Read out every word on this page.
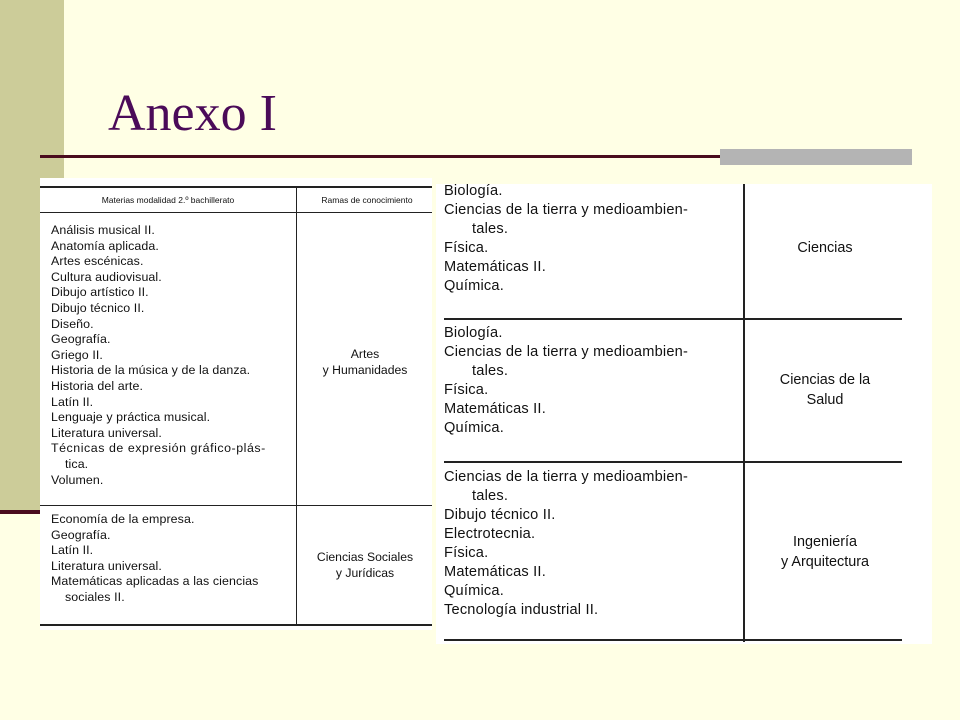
Anexo I
Materias modalidad 2.º bachillerato	Ramas de conocimiento
Análisis musical II.
Anatomía aplicada.
Artes escénicas.
Cultura audiovisual.
Dibujo artístico II.
Dibujo técnico II.
Diseño.
Geografía.
Griego II.
Historia de la música y de la danza.
Historia del arte.
Latín II.
Lenguaje y práctica musical.
Literatura universal.
Técnicas de expresión gráfico-plás-
tica.
Volumen.
Artes
y Humanidades
Economía de la empresa.
Geografía.
Latín II.
Literatura universal.
Matemáticas aplicadas a las ciencias
sociales II.
Ciencias Sociales
y Jurídicas
Biología.
Ciencias de la tierra y medioambien-
tales.
Física.
Matemáticas II.
Química.
Ciencias
Biología.
Ciencias de la tierra y medioambien-
tales.
Física.
Matemáticas II.
Química.
Ciencias de la
Salud
Ciencias de la tierra y medioambien-
tales.
Dibujo técnico II.
Electrotecnia.
Física.
Matemáticas II.
Química.
Tecnología industrial II.
Ingeniería
y Arquitectura
